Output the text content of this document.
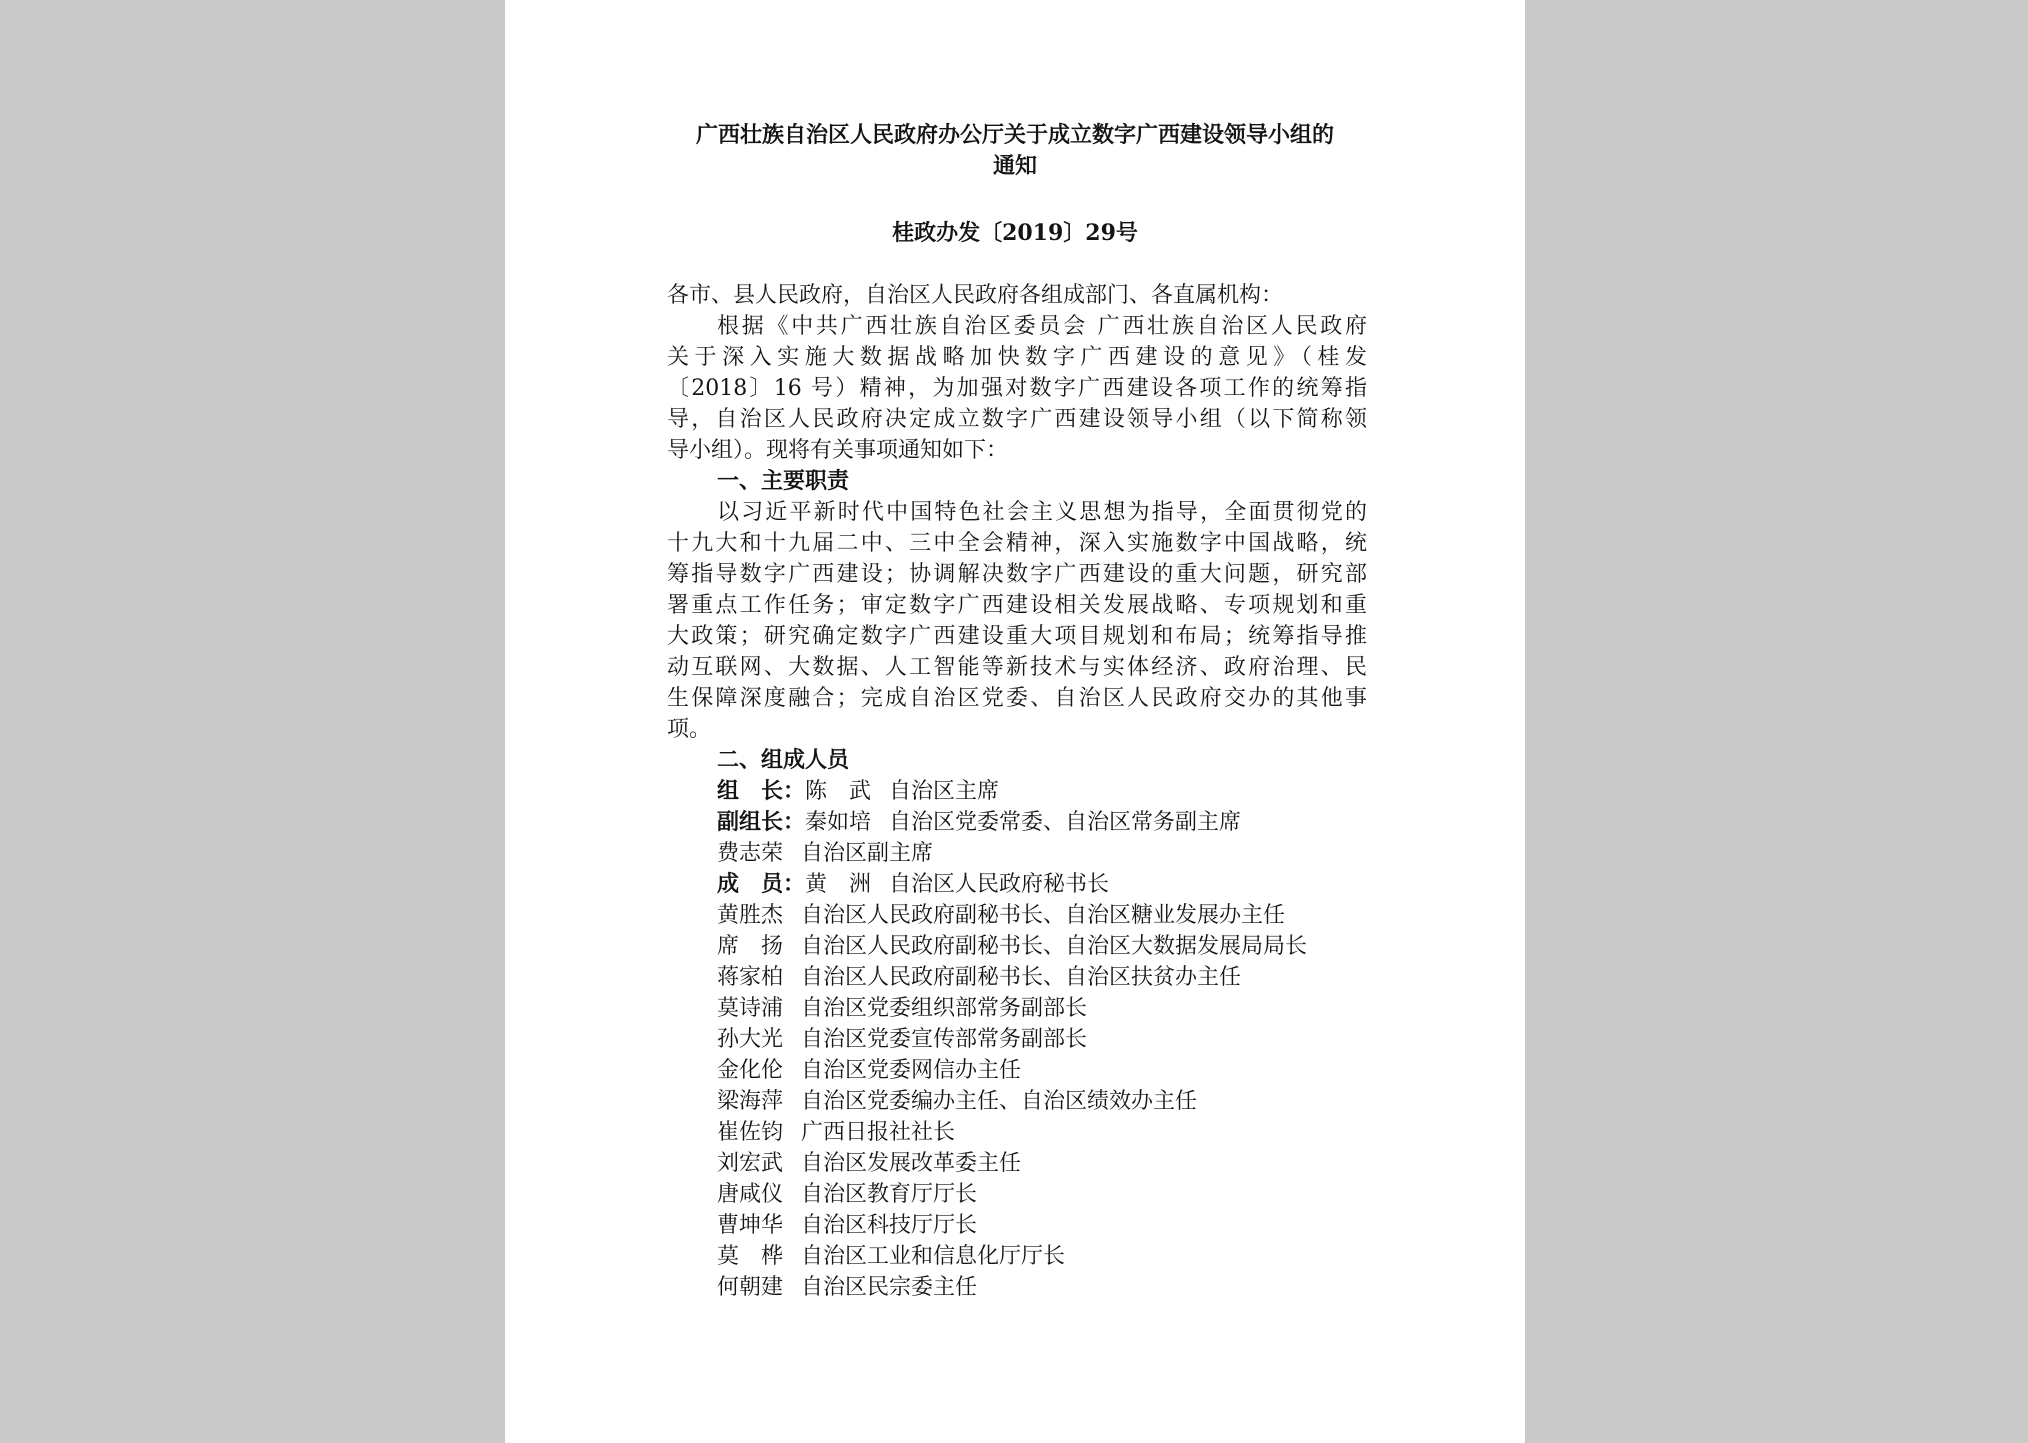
广西壮族自治区人民政府办公厅关于成立数字广西建设领导小组的

通知

桂政办发〔2019〕29号

各市、县人民政府，自治区人民政府各组成部门、各直属机构：

根据《中共广西壮族自治区委员会 广西壮族自治区人民政府

关于深入实施大数据战略加快数字广西建设的意见》（桂发

〔2018〕16 号）精神，为加强对数字广西建设各项工作的统筹指

导，自治区人民政府决定成立数字广西建设领导小组（以下简称领

导小组）。现将有关事项通知如下：

一、主要职责

以习近平新时代中国特色社会主义思想为指导，全面贯彻党的

十九大和十九届二中、三中全会精神，深入实施数字中国战略，统

筹指导数字广西建设；协调解决数字广西建设的重大问题，研究部

署重点工作任务；审定数字广西建设相关发展战略、专项规划和重

大政策；研究确定数字广西建设重大项目规划和布局；统筹指导推

动互联网、大数据、人工智能等新技术与实体经济、政府治理、民

生保障深度融合；完成自治区党委、自治区人民政府交办的其他事

项。

二、组成人员

组　长：陈　武 自治区主席

副组长：秦如培 自治区党委常委、自治区常务副主席

费志荣 自治区副主席

成　员：黄　洲 自治区人民政府秘书长

黄胜杰 自治区人民政府副秘书长、自治区糖业发展办主任

席　扬 自治区人民政府副秘书长、自治区大数据发展局局长

蒋家柏 自治区人民政府副秘书长、自治区扶贫办主任

莫诗浦 自治区党委组织部常务副部长

孙大光 自治区党委宣传部常务副部长

金化伦 自治区党委网信办主任

梁海萍 自治区党委编办主任、自治区绩效办主任

崔佐钧 广西日报社社长

刘宏武 自治区发展改革委主任

唐咸仪 自治区教育厅厅长

曹坤华 自治区科技厅厅长

莫　桦 自治区工业和信息化厅厅长

何朝建 自治区民宗委主任
